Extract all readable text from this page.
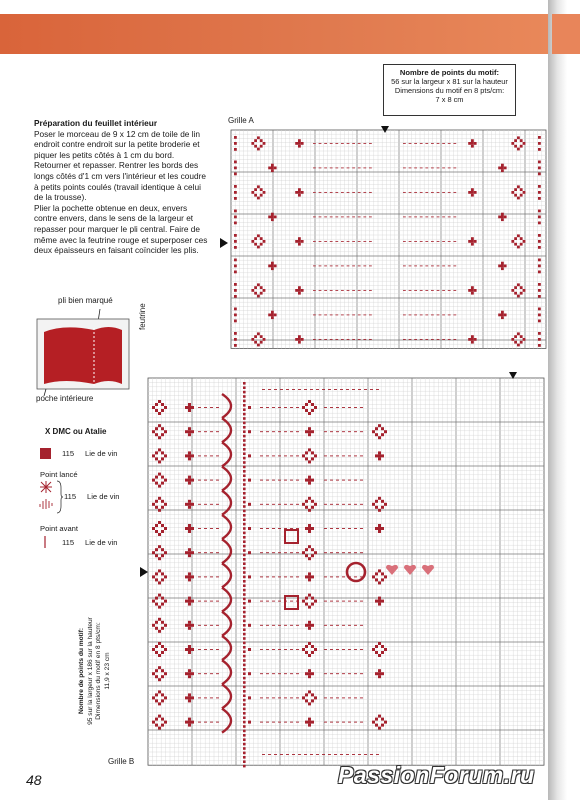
Nombre de points du motif:
56 sur la largeur x 81 sur la hauteur
Dimensions du motif en 8 pts/cm:
7 x 8 cm

Préparation du feuillet intérieur

Poser le morceau de 9 x 12 cm de toile de lin endroit contre endroit sur la petite broderie et piquer les petits côtés à 1 cm du bord. Retourner et repasser. Rentrer les bords des longs côtés d'1 cm vers l'intérieur et les coudre à petits points coulés (travail identique à celui de la trousse).

Plier la pochette obtenue en deux, envers contre envers, dans le sens de la largeur et repasser pour marquer le pli central. Faire de même avec la feutrine rouge et superposer ces deux épaisseurs en faisant coïncider les plis.

pli bien marqué
feutrine
poche intérieure
Grille A
Grille B
X DMC ou Atalie
115 Lie de vin
Point lancé
115 Lie de vin
Point avant
115 Lie de vin
Nombre de points du motif: 95 sur la largeur x 186 sur la hauteur Dimensions du motif en 8 pts/cm: 11,9 x 23 cm
48	PassionForum.ru
